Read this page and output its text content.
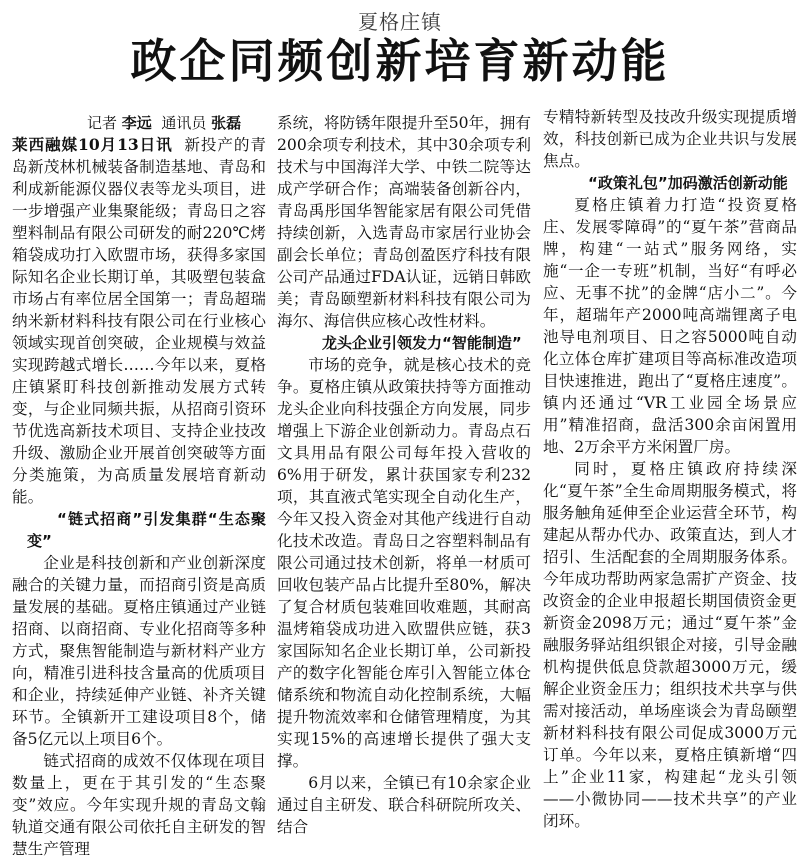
夏格庄镇
政企同频创新培育新动能

记者 李远 通讯员 张磊

莱西融媒10月13日讯 新投产的青岛新茂林机械装备制造基地、青岛和利成新能源仪器仪表等龙头项目，进一步增强产业集聚能级；青岛日之容塑料制品有限公司研发的耐220℃烤箱袋成功打入欧盟市场，获得多家国际知名企业长期订单，其吸塑包装盒市场占有率位居全国第一；青岛超瑞纳米新材料科技有限公司在行业核心领域实现首创突破，企业规模与效益实现跨越式增长……今年以来，夏格庄镇紧盯科技创新推动发展方式转变，与企业同频共振，从招商引资环节优选高新技术项目、支持企业技改升级、激励企业开展首创突破等方面分类施策，为高质量发展培育新动能。

“链式招商”引发集群“生态聚变”

企业是科技创新和产业创新深度融合的关键力量，而招商引资是高质量发展的基础。夏格庄镇通过产业链招商、以商招商、专业化招商等多种方式，聚焦智能制造与新材料产业方向，精准引进科技含量高的优质项目和企业，持续延伸产业链、补齐关键环节。全镇新开工建设项目8个，储备5亿元以上项目6个。

链式招商的成效不仅体现在项目数量上，更在于其引发的“生态聚变”效应。今年实现升规的青岛文翰轨道交通有限公司依托自主研发的智慧生产管理

系统，将防锈年限提升至50年，拥有200余项专利技术，其中30余项专利技术与中国海洋大学、中铁二院等达成产学研合作；高端装备创新谷内，青岛禹彤国华智能家居有限公司凭借持续创新，入选青岛市家居行业协会副会长单位；青岛创盈医疗科技有限公司产品通过FDA认证，远销日韩欧美；青岛颐塑新材料科技有限公司为海尔、海信供应核心改性材料。

龙头企业引领发力“智能制造”

市场的竞争，就是核心技术的竞争。夏格庄镇从政策扶持等方面推动龙头企业向科技强企方向发展，同步增强上下游企业创新动力。青岛点石文具用品有限公司每年投入营收的6%用于研发，累计获国家专利232项，其直液式笔实现全自动化生产，今年又投入资金对其他产线进行自动化技术改造。青岛日之容塑料制品有限公司通过技术创新，将单一材质可回收包装产品占比提升至80%，解决了复合材质包装难回收难题，其耐高温烤箱袋成功进入欧盟供应链，获3家国际知名企业长期订单，公司新投产的数字化智能仓库引入智能立体仓储系统和物流自动化控制系统，大幅提升物流效率和仓储管理精度，为其实现15%的高速增长提供了强大支撑。

6月以来，全镇已有10余家企业通过自主研发、联合科研院所攻关、结合

专精特新转型及技改升级实现提质增效，科技创新已成为企业共识与发展焦点。

“政策礼包”加码激活创新动能

夏格庄镇着力打造“投资夏格庄、发展零障碍”的“夏午茶”营商品牌，构建“一站式”服务网络，实施“一企一专班”机制，当好“有呼必应、无事不扰”的金牌“店小二”。今年，超瑞年产2000吨高端锂离子电池导电剂项目、日之容5000吨自动化立体仓库扩建项目等高标准改造项目快速推进，跑出了“夏格庄速度”。镇内还通过“VR工业园全场景应用”精准招商，盘活300余亩闲置用地、2万余平方米闲置厂房。

同时，夏格庄镇政府持续深化“夏午茶”全生命周期服务模式，将服务触角延伸至企业运营全环节，构建起从帮办代办、政策直达，到人才招引、生活配套的全周期服务体系。今年成功帮助两家急需扩产资金、技改资金的企业申报超长期国债资金更新资金2098万元；通过“夏午茶”金融服务驿站组织银企对接，引导金融机构提供低息贷款超3000万元，缓解企业资金压力；组织技术共享与供需对接活动，单场座谈会为青岛颐塑新材料科技有限公司促成3000万元订单。今年以来，夏格庄镇新增“四上”企业11家，构建起“龙头引领——小微协同——技术共享”的产业闭环。
